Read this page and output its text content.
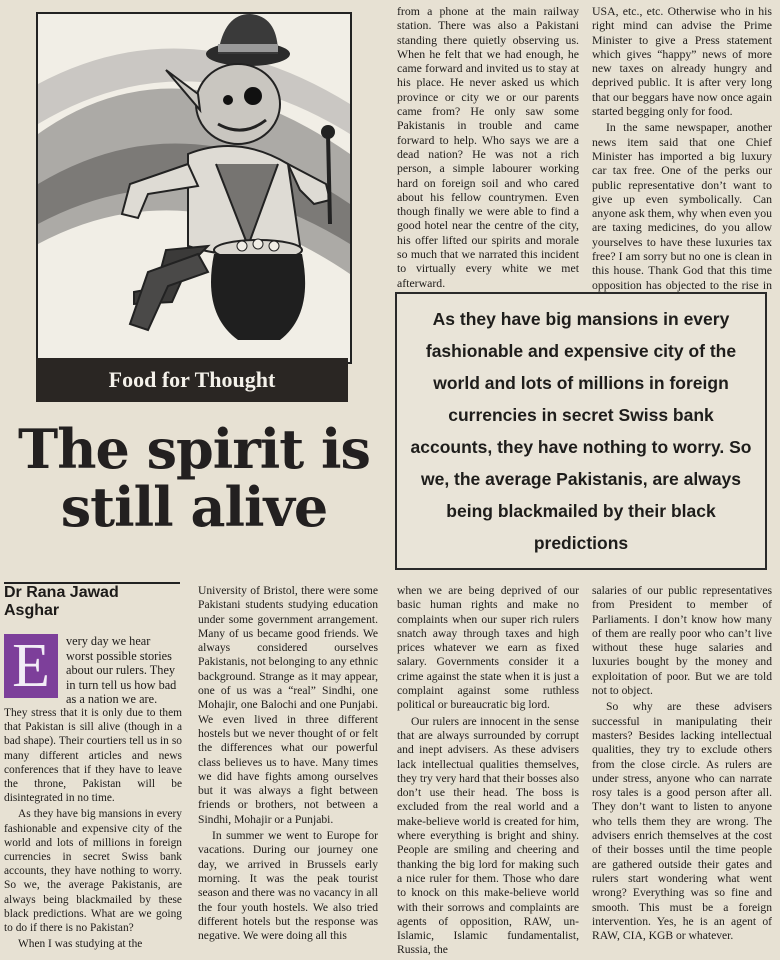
Food for Thought
The spirit is
still alive
Dr Rana Jawad
Asghar
E	very day we hear
worst possible stories
about our rulers. They
in turn tell us how bad
as a nation we are.

They stress that it is only due to them that Pakistan is sill alive (though in a bad shape). Their courtiers tell us in so many different articles and news conferences that if they have to leave the throne, Pakistan will be disintegrated in no time.

As they have big mansions in every fashionable and expensive city of the world and lots of millions in foreign currencies in secret Swiss bank accounts, they have nothing to worry. So we, the average Pakistanis, are always being blackmailed by these black predictions. What are we going to do if there is no Pakistan?

When I was studying at the

University of Bristol, there were some Pakistani students studying education under some government arrangement. Many of us became good friends. We always considered ourselves Pakistanis, not belonging to any ethnic background. Strange as it may appear, one of us was a “real” Sindhi, one Mohajir, one Balochi and one Punjabi. We even lived in three different hostels but we never thought of or felt the differences what our powerful class believes us to have. Many times we did have fights among ourselves but it was always a fight between friends or brothers, not between a Sindhi, Mohajir or a Punjabi.

In summer we went to Europe for vacations. During our journey one day, we arrived in Brussels early morning. It was the peak tourist season and there was no vacancy in all the four youth hostels. We also tried different hotels but the response was negative. We were doing all this

from a phone at the main railway station. There was also a Pakistani standing there quietly observing us. When he felt that we had enough, he came forward and invited us to stay at his place. He never asked us which province or city we or our parents came from? He only saw some Pakistanis in trouble and came forward to help. Who says we are a dead nation? He was not a rich person, a simple labourer working hard on foreign soil and who cared about his fellow countrymen. Even though finally we were able to find a good hotel near the centre of the city, his offer lifted our spirits and morale so much that we narrated this incident to virtually every white we met afterward.

USA, etc., etc. Otherwise who in his right mind can advise the Prime Minister to give a Press statement which gives “happy” news of more new taxes on already hungry and deprived public. It is after very long that our beggars have now once again started begging only for food.

In the same newspaper, another news item said that one Chief Minister has imported a big luxury car tax free. One of the perks our public representative don’t want to give up even symbolically. Can anyone ask them, why when even you are taxing medicines, do you allow yourselves to have these luxuries tax free? I am sorry but no one is clean in this house. Thank God that this time opposition has objected to the rise in

As they have big mansions in every fashionable and expensive city of the world and lots of millions in foreign currencies in secret Swiss bank accounts, they have nothing to worry. So we, the average Pakistanis, are always being blackmailed by their black predictions

when we are being deprived of our basic human rights and make no complaints when our super rich rulers snatch away through taxes and high prices whatever we earn as fixed salary. Governments consider it a crime against the state when it is just a complaint against some ruthless political or bureaucratic big lord.

Our rulers are innocent in the sense that are always surrounded by corrupt and inept advisers. As these advisers lack intellectual qualities themselves, they try very hard that their bosses also don’t use their head. The boss is excluded from the real world and a make-believe world is created for him, where everything is bright and shiny. People are smiling and cheering and thanking the big lord for making such a nice ruler for them. Those who dare to knock on this make-believe world with their sorrows and complaints are agents of opposition, RAW, un-Islamic, Islamic fundamentalist, Russia, the

salaries of our public representatives from President to member of Parliaments. I don’t know how many of them are really poor who can’t live without these huge salaries and luxuries bought by the money and exploitation of poor. But we are told not to object.

So why are these advisers successful in manipulating their masters? Besides lacking intellectual qualities, they try to exclude others from the close circle. As rulers are under stress, anyone who can narrate rosy tales is a good person after all. They don’t want to listen to anyone who tells them they are wrong. The advisers enrich themselves at the cost of their bosses until the time people are gathered outside their gates and rulers start wondering what went wrong? Everything was so fine and smooth. This must be a foreign intervention. Yes, he is an agent of RAW, CIA, KGB or whatever.
